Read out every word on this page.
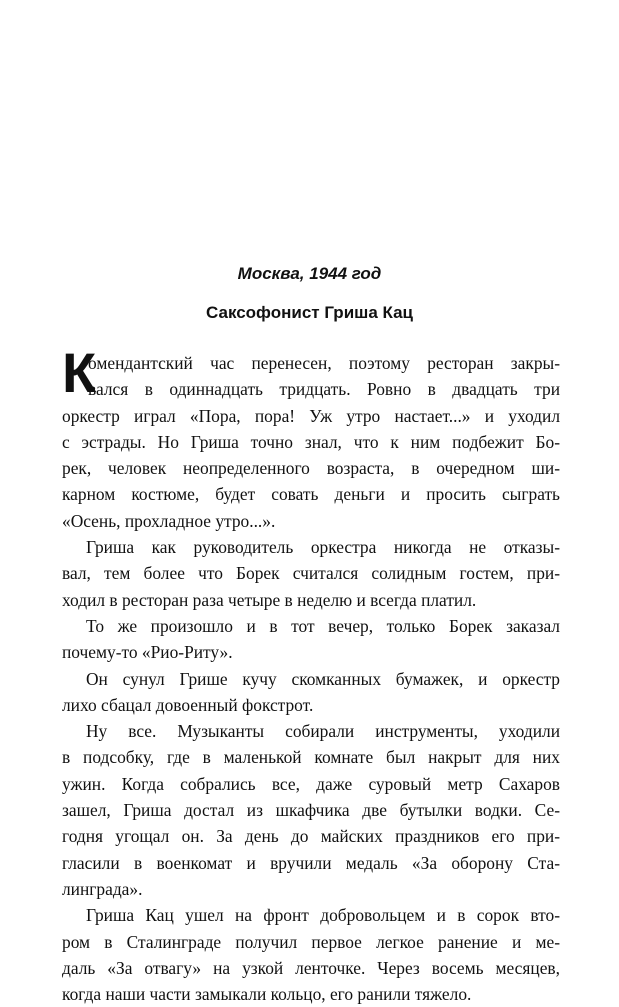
Москва, 1944 год
Саксофонист Гриша Кац
К
омендантский час перенесен, поэтому ресторан закры-
вался в одиннадцать тридцать. Ровно в двадцать три
оркестр играл «Пора, пора! Уж утро настает...» и уходил
с эстрады. Но Гриша точно знал, что к ним подбежит Бо-
рек, человек неопределенного возраста, в очередном ши-
карном костюме, будет совать деньги и просить сыграть
«Осень, прохладное утро...».
Гриша как руководитель оркестра никогда не отказы-
вал, тем более что Борек считался солидным гостем, при-
ходил в ресторан раза четыре в неделю и всегда платил.
То же произошло и в тот вечер, только Борек заказал
почему-то «Рио-Риту».
Он сунул Грише кучу скомканных бумажек, и оркестр
лихо сбацал довоенный фокстрот.
Ну все. Музыканты собирали инструменты, уходили
в подсобку, где в маленькой комнате был накрыт для них
ужин. Когда собрались все, даже суровый метр Сахаров
зашел, Гриша достал из шкафчика две бутылки водки. Се-
годня угощал он. За день до майских праздников его при-
гласили в военкомат и вручили медаль «За оборону Ста-
линграда».
Гриша Кац ушел на фронт добровольцем и в сорок вто-
ром в Сталинграде получил первое легкое ранение и ме-
даль «За отвагу» на узкой ленточке. Через восемь месяцев,
когда наши части замыкали кольцо, его ранили тяжело.
